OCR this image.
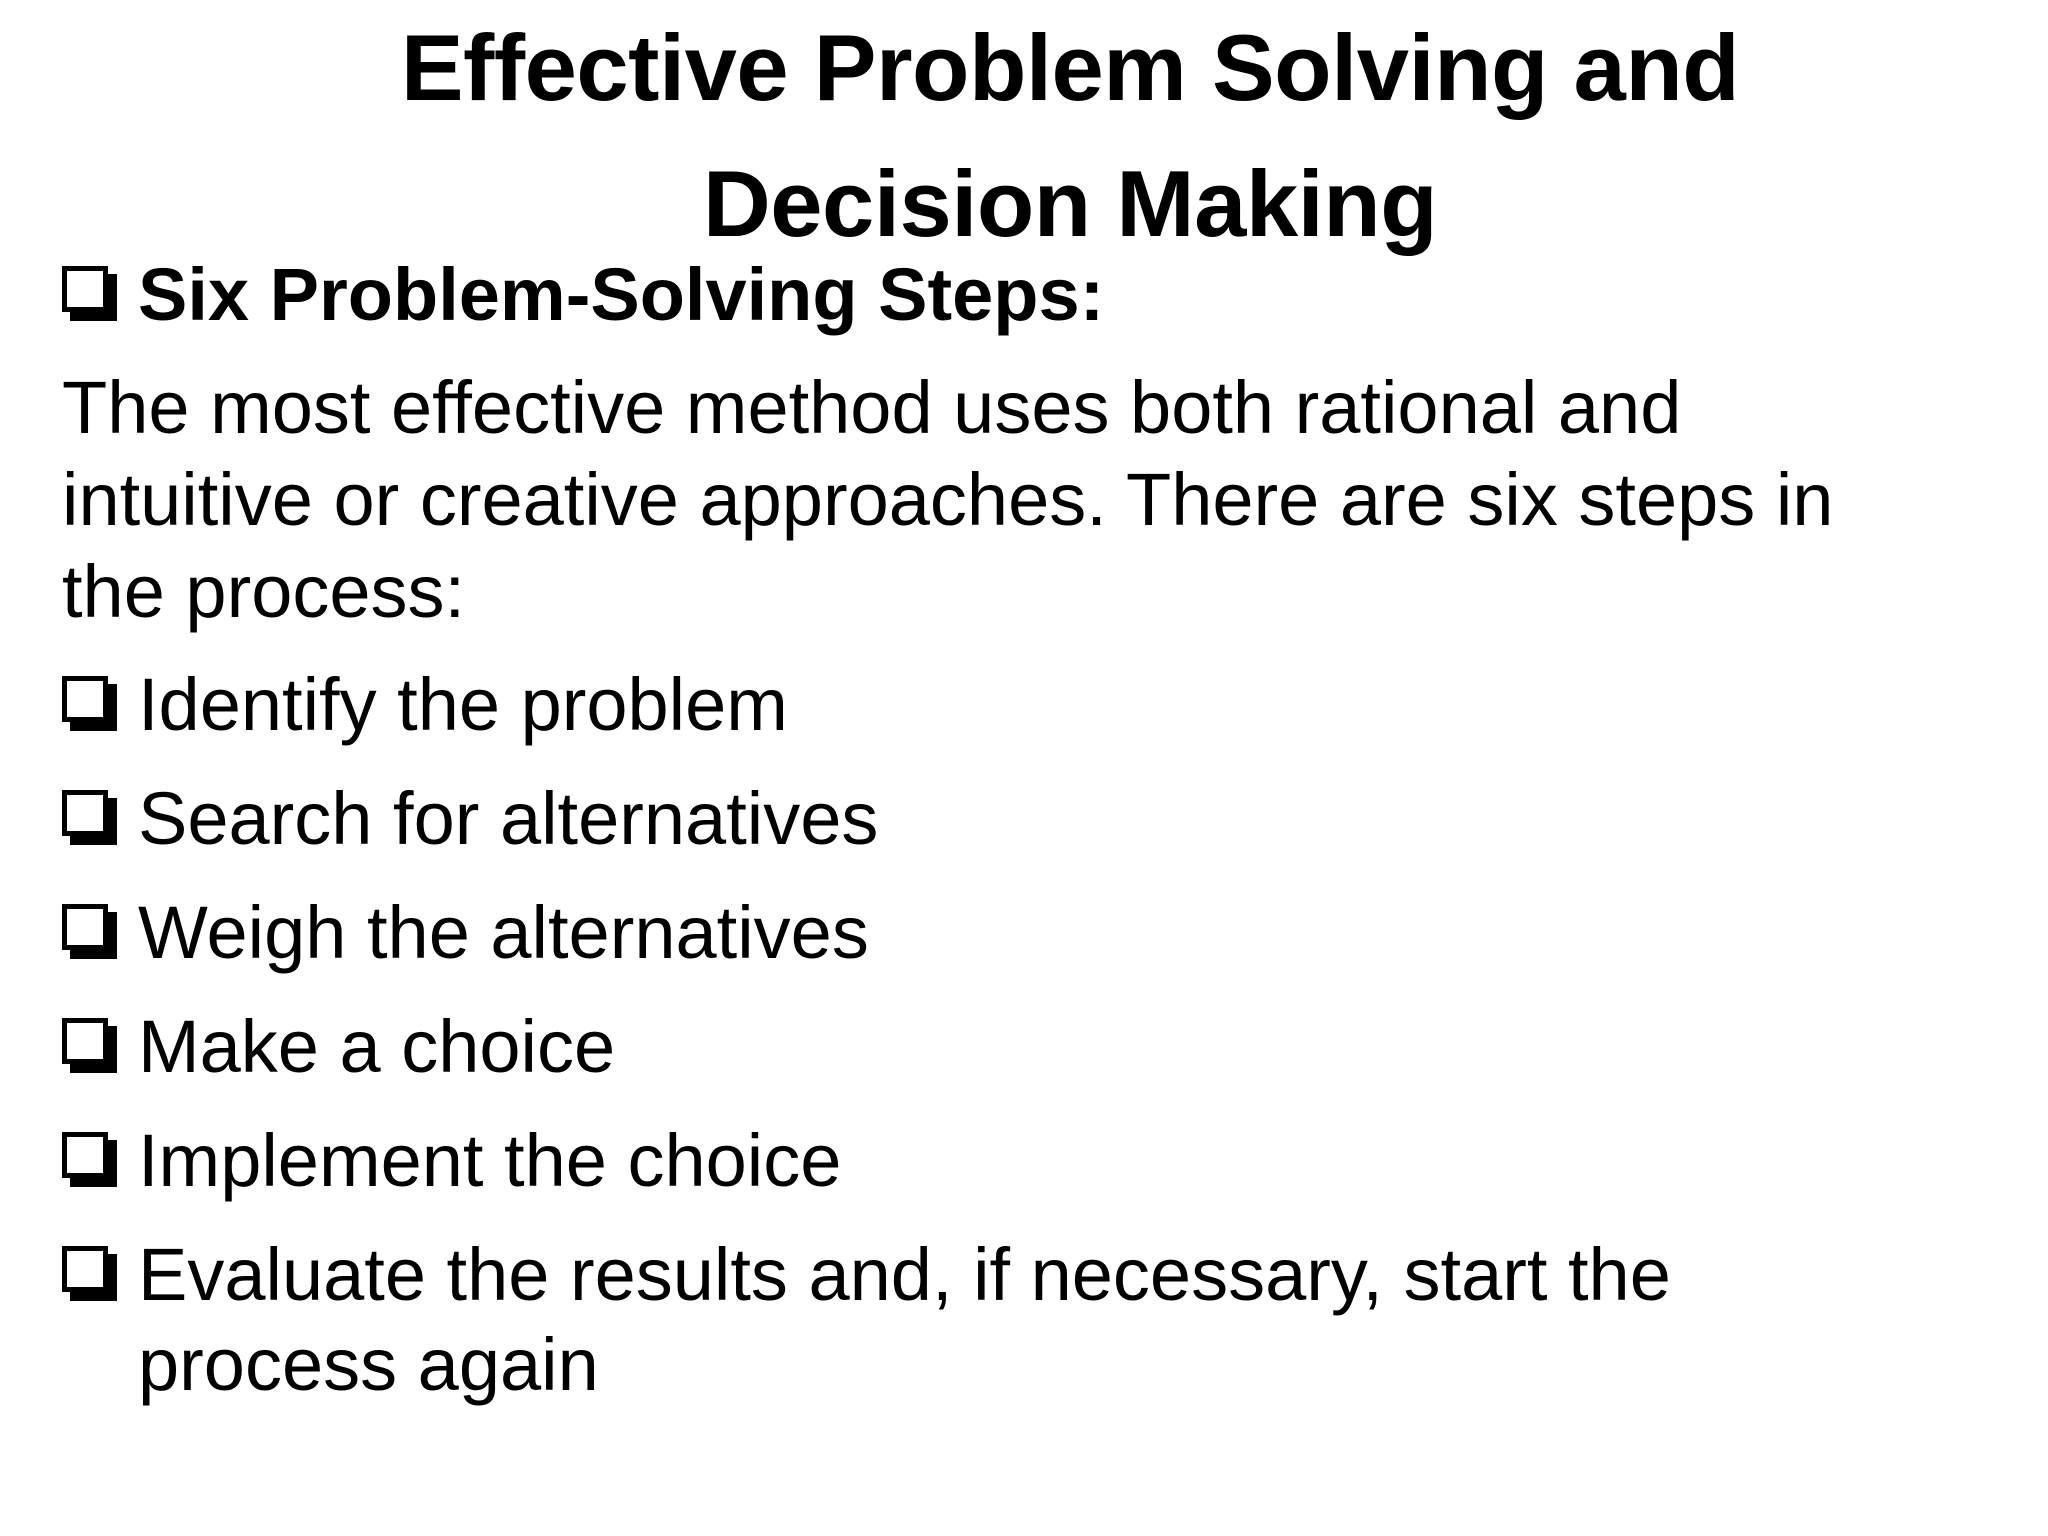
Effective Problem Solving and
Decision Making
Six Problem-Solving Steps:
The most effective method uses both rational and
intuitive or creative approaches. There are six steps in
the process:
Identify the problem
Search for alternatives
Weigh the alternatives
Make a choice
Implement the choice
Evaluate the results and, if necessary, start the
process again
